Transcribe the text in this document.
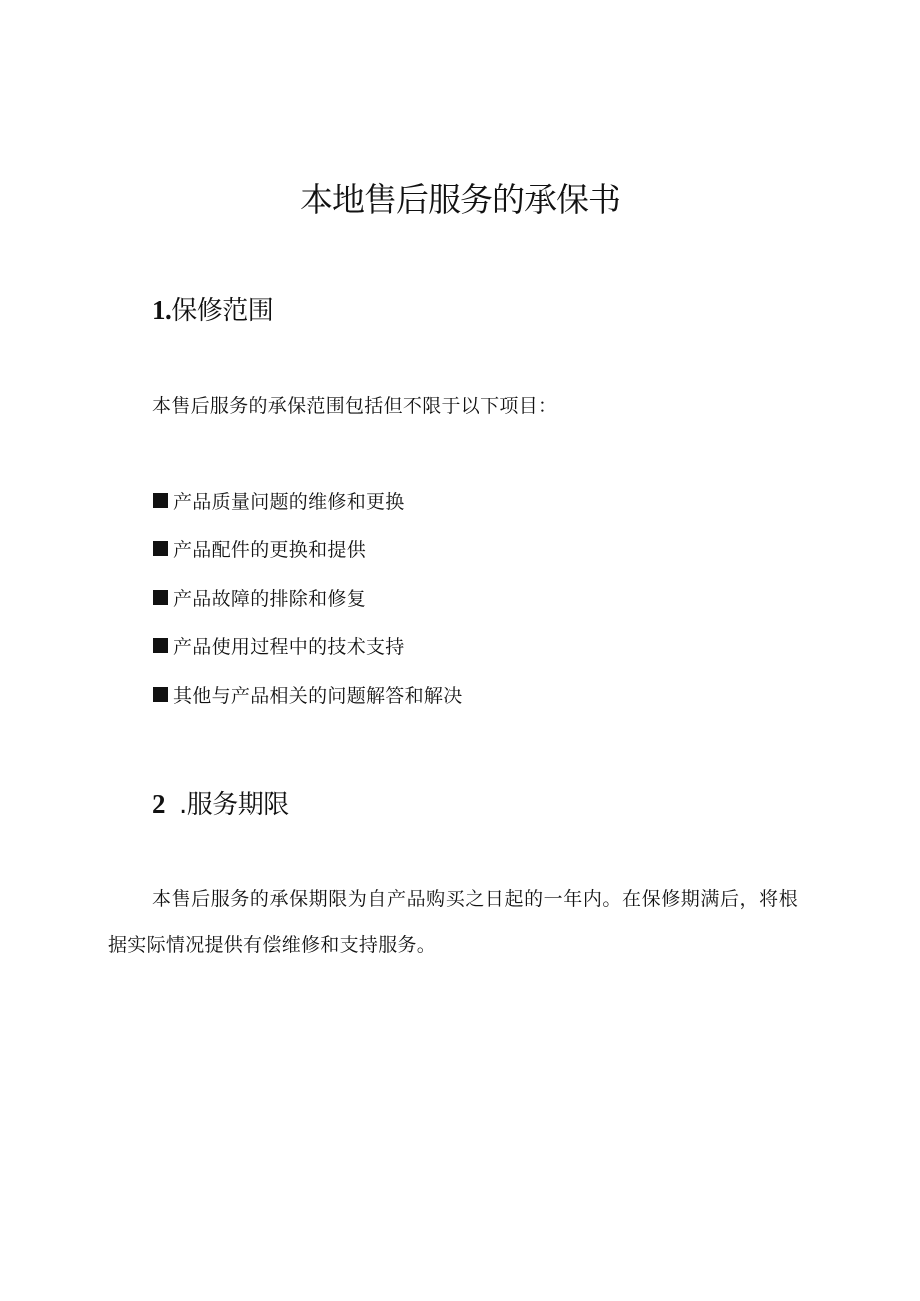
本地售后服务的承保书
1.保修范围

本售后服务的承保范围包括但不限于以下项目：

产品质量问题的维修和更换
产品配件的更换和提供
产品故障的排除和修复
产品使用过程中的技术支持
其他与产品相关的问题解答和解决
2 .服务期限

本售后服务的承保期限为自产品购买之日起的一年内。在保修期满后，将根据实际情况提供有偿维修和支持服务。
